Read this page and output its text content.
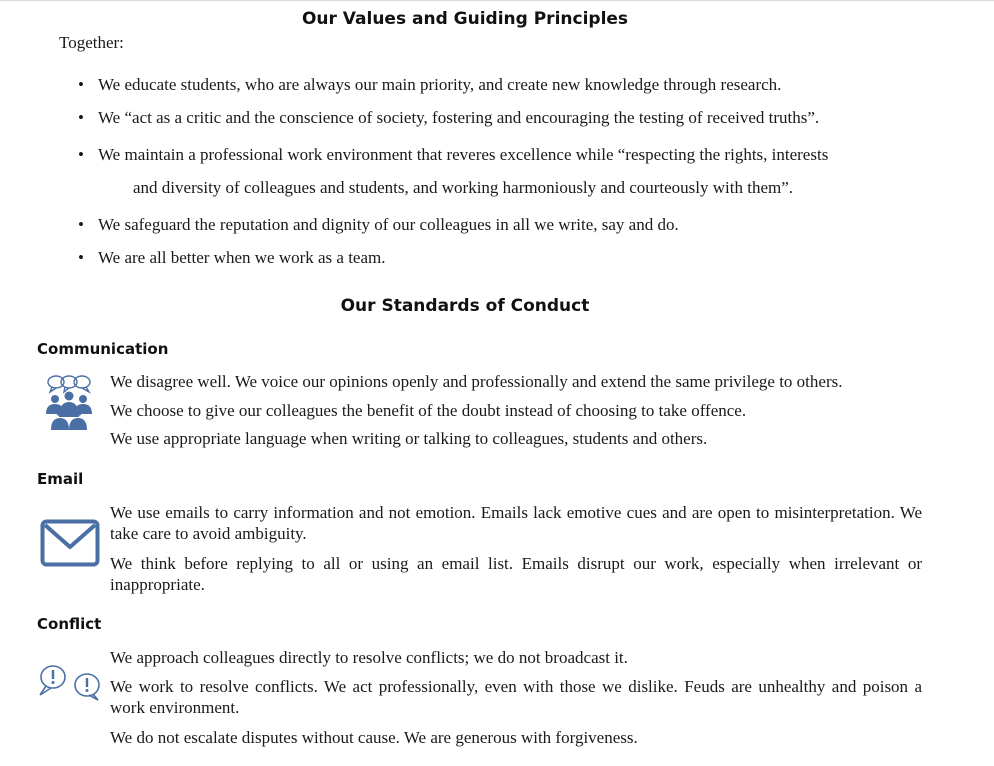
Our Values and Guiding Principles

Together:

• We educate students, who are always our main priority, and create new knowledge through research.
• We “act as a critic and the conscience of society, fostering and encouraging the testing of received truths”.
• We maintain a professional work environment that reveres excellence while “respecting the rights, interests
and diversity of colleagues and students, and working harmoniously and courteously with them”.
• We safeguard the reputation and dignity of our colleagues in all we write, say and do.
• We are all better when we work as a team.
Our Standards of Conduct
Communication

We disagree well. We voice our opinions openly and professionally and extend the same privilege to others.

We choose to give our colleagues the benefit of the doubt instead of choosing to take offence.

We use appropriate language when writing or talking to colleagues, students and others.

Email

We use emails to carry information and not emotion. Emails lack emotive cues and are open to misinterpretation. We take care to avoid ambiguity.

We think before replying to all or using an email list. Emails disrupt our work, especially when irrelevant or inappropriate.

Conflict

We approach colleagues directly to resolve conflicts; we do not broadcast it.

We work to resolve conflicts. We act professionally, even with those we dislike. Feuds are unhealthy and poison a work environment.

We do not escalate disputes without cause. We are generous with forgiveness.
